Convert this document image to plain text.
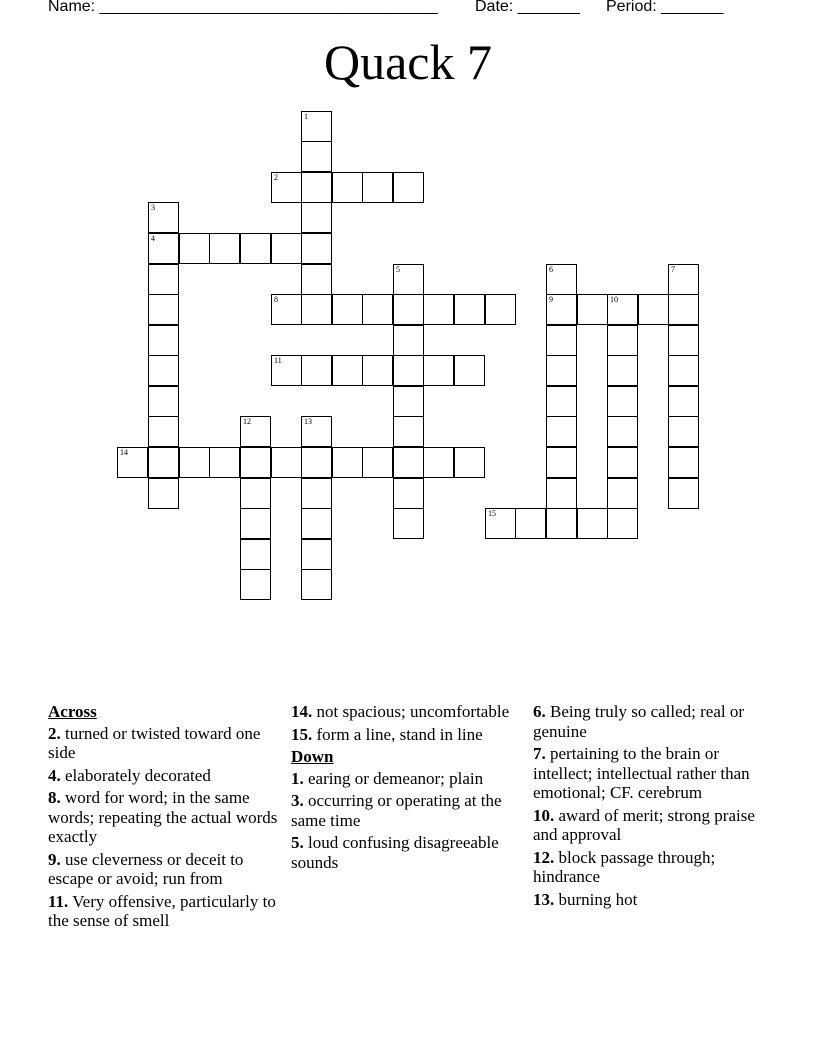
Name: ______________________________________ Date: _______ Period: _______
Quack 7
1
2
3
4
5	6	7
8	9	10
11
12	13
14
15
Across
2. turned or twisted toward one side
4. elaborately decorated
8. word for word; in the same words; repeating the actual words exactly
9. use cleverness or deceit to escape or avoid; run from
11. Very offensive, particularly to the sense of smell
14. not spacious; uncomfortable
15. form a line, stand in line
Down
1. earing or demeanor; plain
3. occurring or operating at the same time
5. loud confusing disagreeable sounds
6. Being truly so called; real or genuine
7. pertaining to the brain or intellect; intellectual rather than emotional; CF. cerebrum
10. award of merit; strong praise and approval
12. block passage through; hindrance
13. burning hot
